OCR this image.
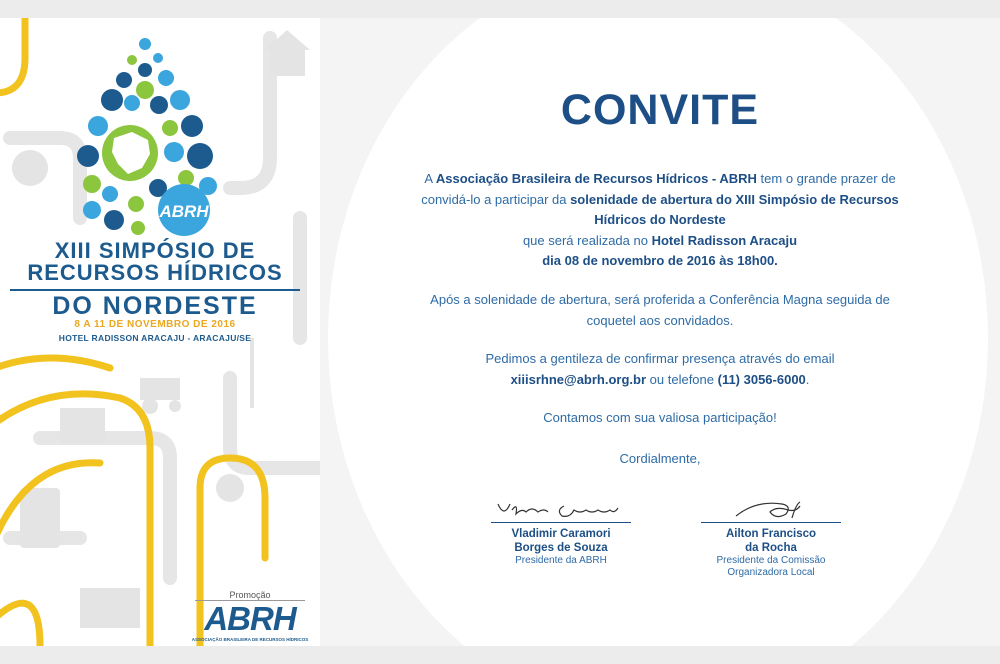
ABRH
XIII SIMPÓSIO DE
RECURSOS HÍDRICOS
DO NORDESTE
8 A 11 DE NOVEMBRO DE 2016
HOTEL RADISSON ARACAJU - ARACAJU/SE
Promoção
ABRH
ASSOCIAÇÃO BRASILEIRA DE RECURSOS HÍDRICOS
CONVITE
A Associação Brasileira de Recursos Hídricos - ABRH tem o grande prazer de convidá-lo a participar da solenidade de abertura do XIII Simpósio de Recursos Hídricos do Nordeste
que será realizada no Hotel Radisson Aracaju
dia 08 de novembro de 2016 às 18h00.
Após a solenidade de abertura, será proferida a Conferência Magna seguida de coquetel aos convidados.
Pedimos a gentileza de confirmar presença através do email xiiisrhne@abrh.org.br ou telefone (11) 3056-6000.
Contamos com sua valiosa participação!
Cordialmente,
Vladimir Caramori
Borges de Souza
Presidente da ABRH
Ailton Francisco
da Rocha
Presidente da Comissão
Organizadora Local
